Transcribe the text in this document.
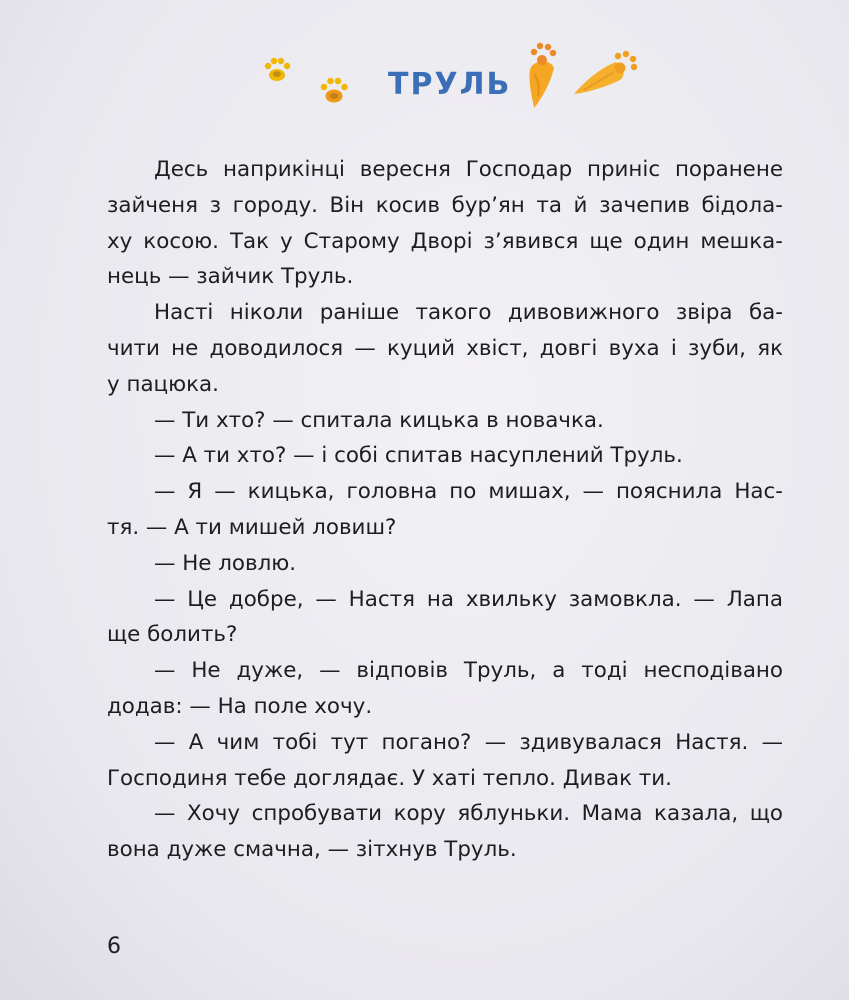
ТРУЛЬ
Десь наприкінці вересня Господар приніс поранене
зайченя з городу. Він косив бур’ян та й зачепив бідола-
ху косою. Так у Старому Дворі з’явився ще один мешка-
нець — зайчик Труль.
Насті ніколи раніше такого дивовижного звіра ба-
чити не доводилося — куций хвіст, довгі вуха і зуби, як
у пацюка.
— Ти хто? — спитала кицька в новачка.
— А ти хто? — і собі спитав насуплений Труль.
— Я — кицька, головна по мишах, — пояснила Нас-
тя. — А ти мишей ловиш?
— Не ловлю.
— Це добре, — Настя на хвильку замовкла. — Лапа
ще болить?
— Не дуже, — відповів Труль, а тоді несподівано
додав: — На поле хочу.
— А чим тобі тут погано? — здивувалася Настя. —
Господиня тебе доглядає. У хаті тепло. Дивак ти.
— Хочу спробувати кору яблуньки. Мама казала, що
вона дуже смачна, — зітхнув Труль.
6
